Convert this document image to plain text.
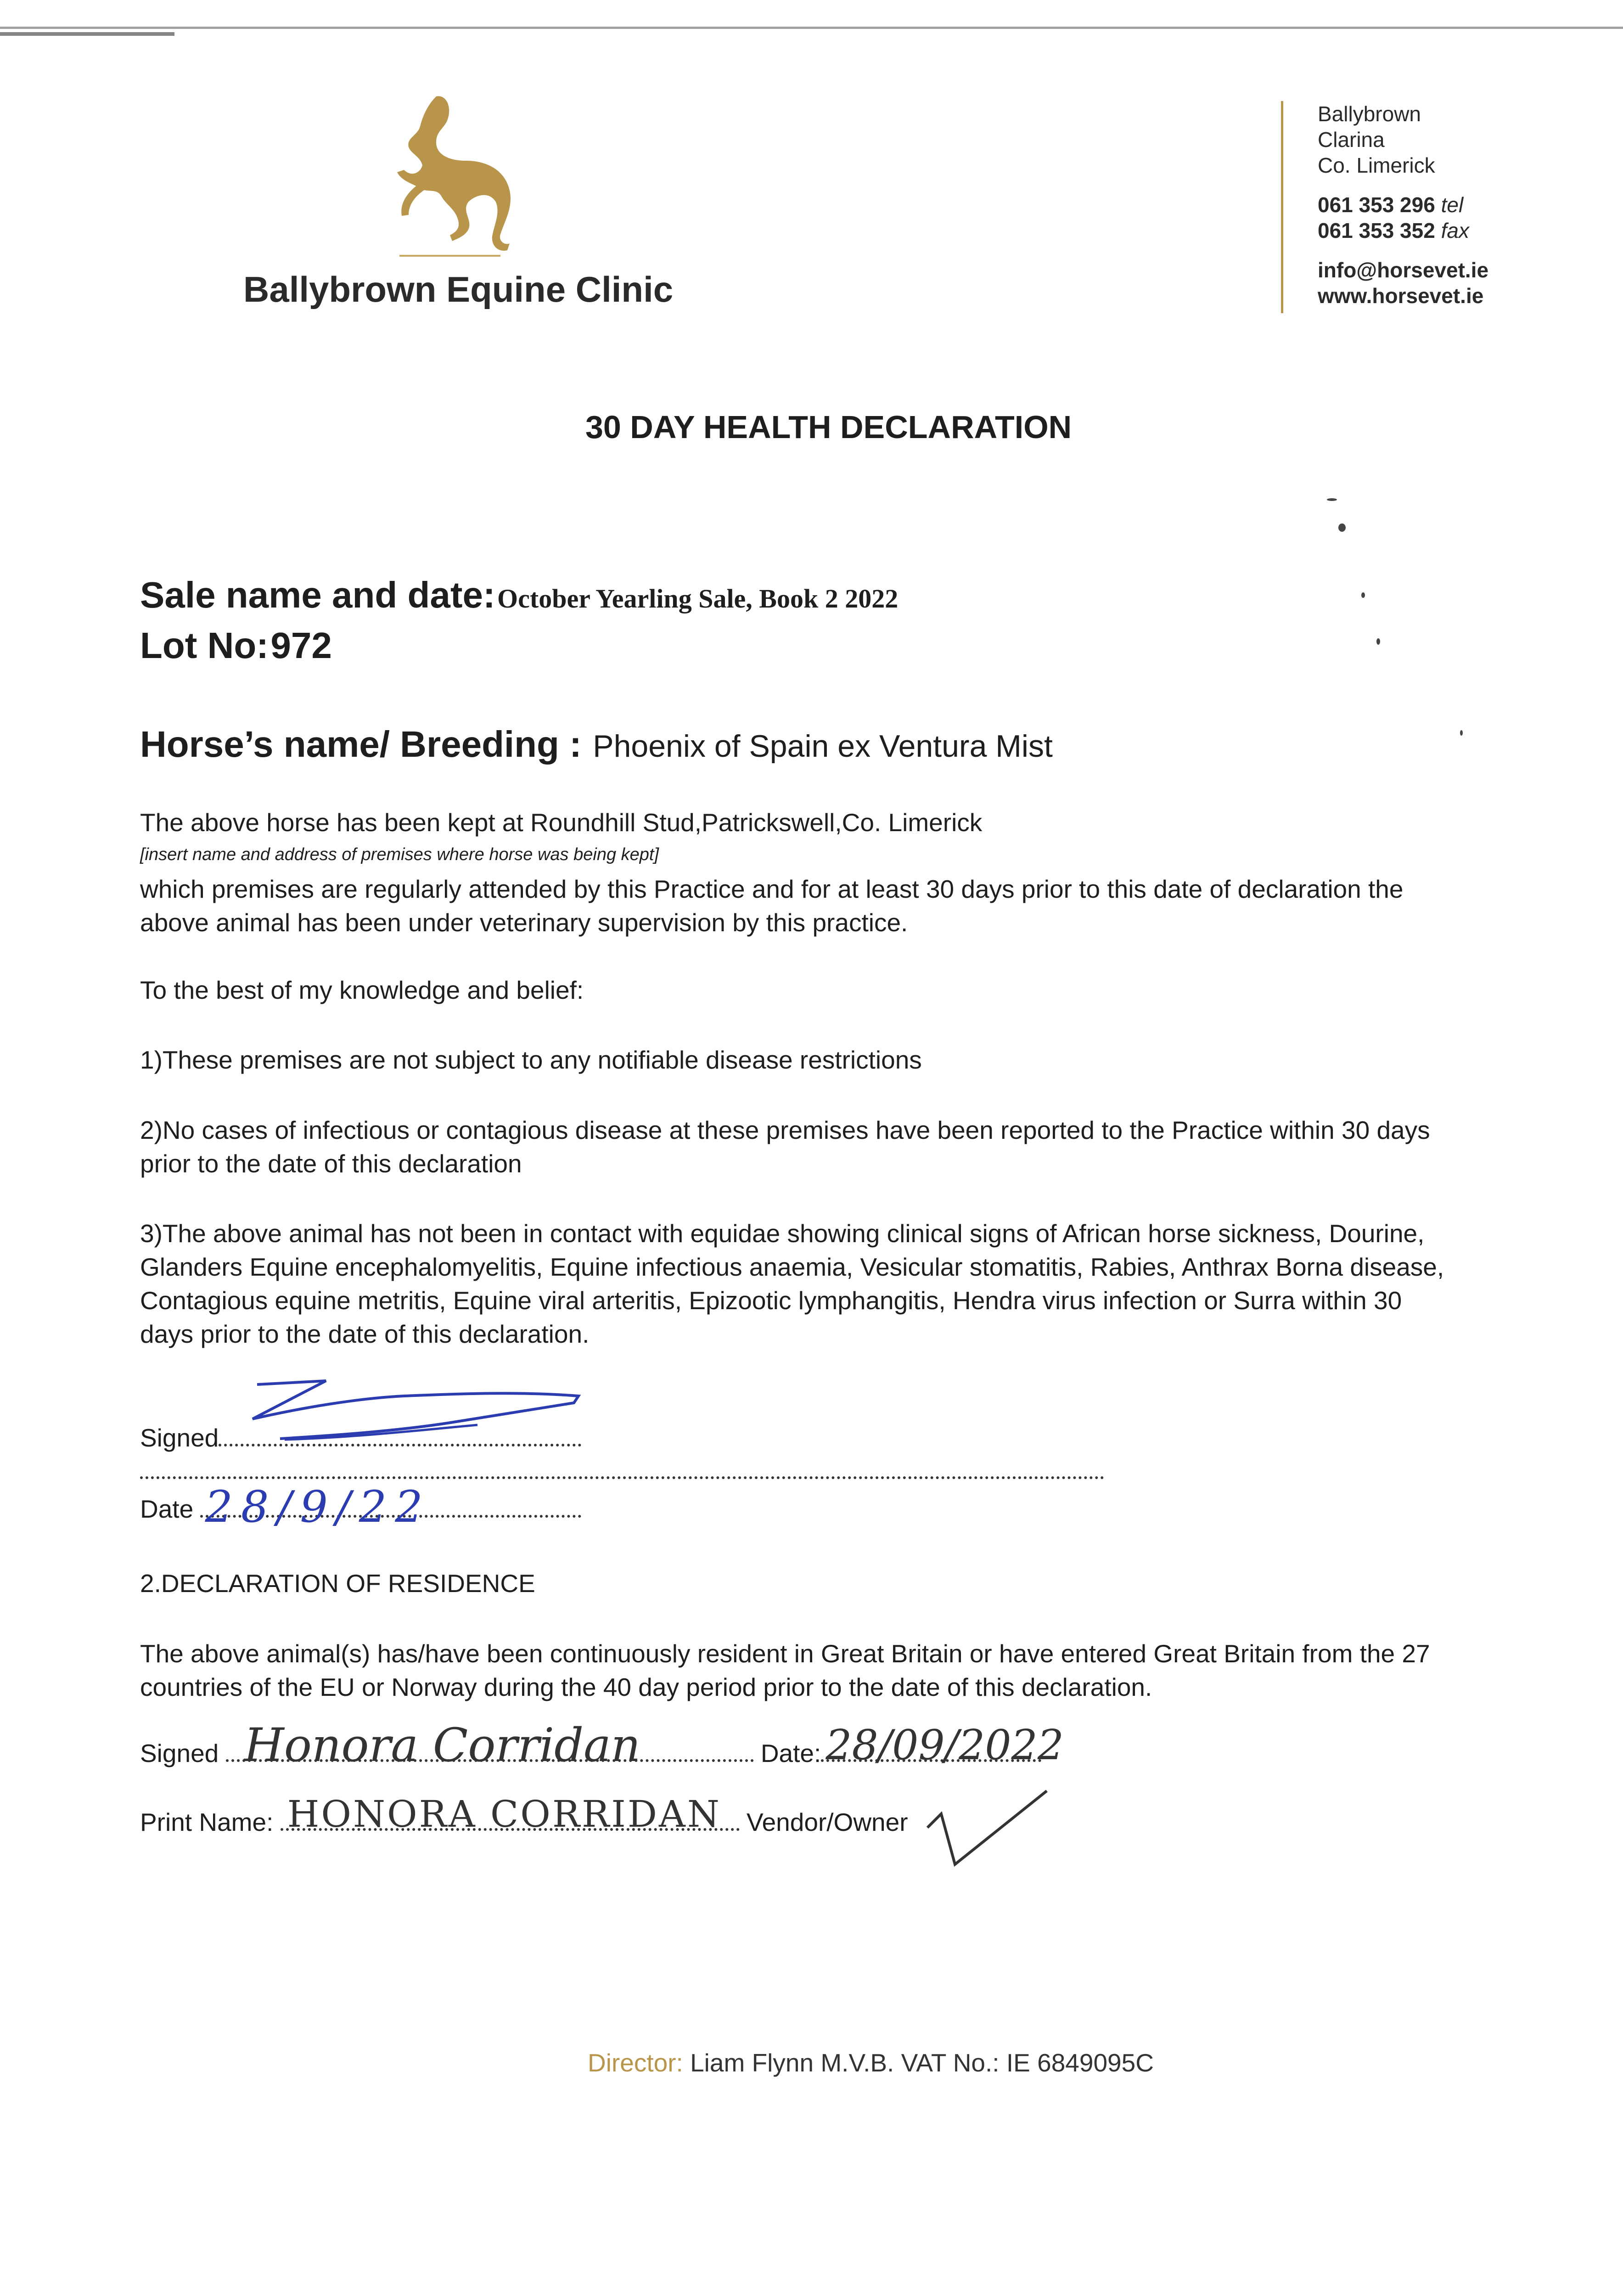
Ballybrown Equine Clinic
Ballybrown
Clarina
Co. Limerick
061 353 296 tel
061 353 352 fax
info@horsevet.ie
www.horsevet.ie
30 DAY HEALTH DECLARATION
Sale name and date: October Yearling Sale, Book 2 2022
Lot No: 972
Horse’s name/ Breeding : Phoenix of Spain ex Ventura Mist
The above horse has been kept at Roundhill Stud,Patrickswell,Co. Limerick
[insert name and address of premises where horse was being kept]
which premises are regularly attended by this Practice and for at least 30 days prior to this date of declaration the
above animal has been under veterinary supervision by this practice.
To the best of my knowledge and belief:
1)These premises are not subject to any notifiable disease restrictions
2)No cases of infectious or contagious disease at these premises have been reported to the Practice within 30 days
prior to the date of this declaration
3)The above animal has not been in contact with equidae showing clinical signs of African horse sickness, Dourine,
Glanders Equine encephalomyelitis, Equine infectious anaemia, Vesicular stomatitis, Rabies, Anthrax Borna disease,
Contagious equine metritis, Equine viral arteritis, Epizootic lymphangitis, Hendra virus infection or Surra within 30
days prior to the date of this declaration.
Signed
Date 28/9/22
2.DECLARATION OF RESIDENCE
The above animal(s) has/have been continuously resident in Great Britain or have entered Great Britain from the 27
countries of the EU or Norway during the 40 day period prior to the date of this declaration.
Signed Honora Corridan	Date: 28/09/2022
Print Name: HONORA CORRIDAN Vendor/Owner
Director: Liam Flynn M.V.B. VAT No.: IE 6849095C
